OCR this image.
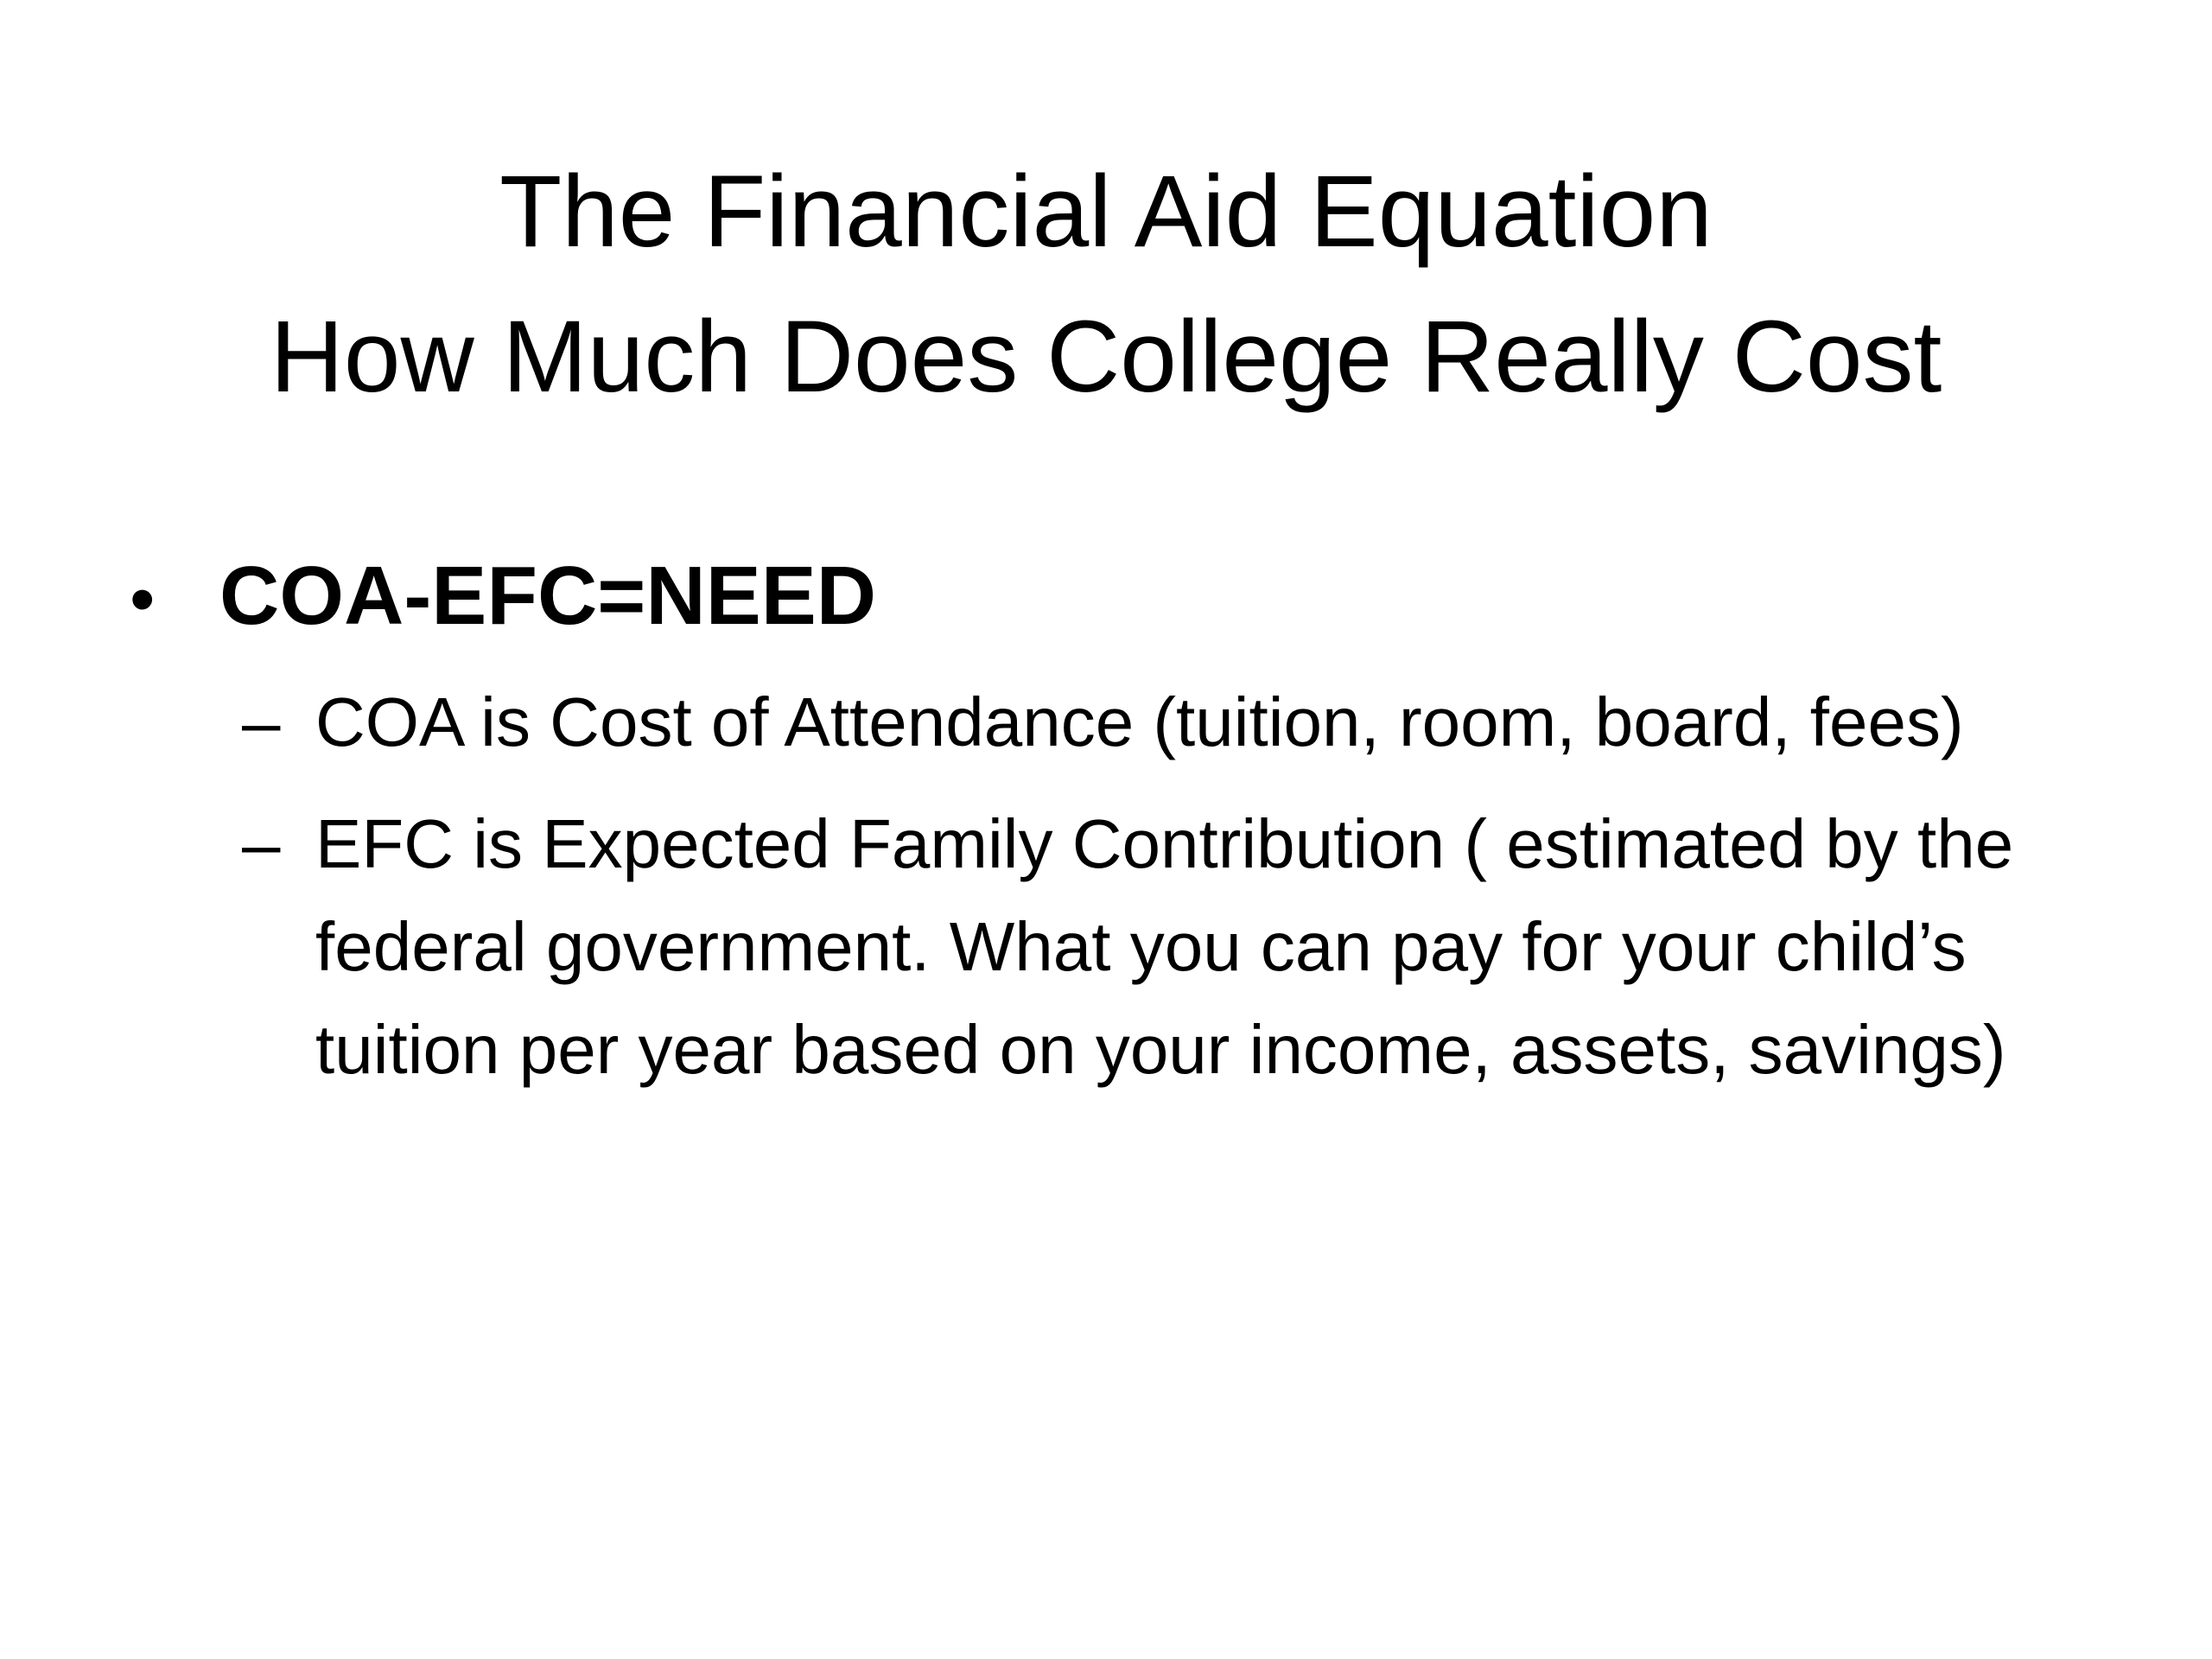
The Financial Aid Equation
How Much Does College Really Cost
• COA-EFC=NEED
– COA is Cost of Attendance (tuition, room, board, fees)
– EFC is Expected Family Contribution ( estimated by the federal government. What you can pay for your child’s tuition per year based on your income, assets, savings)
